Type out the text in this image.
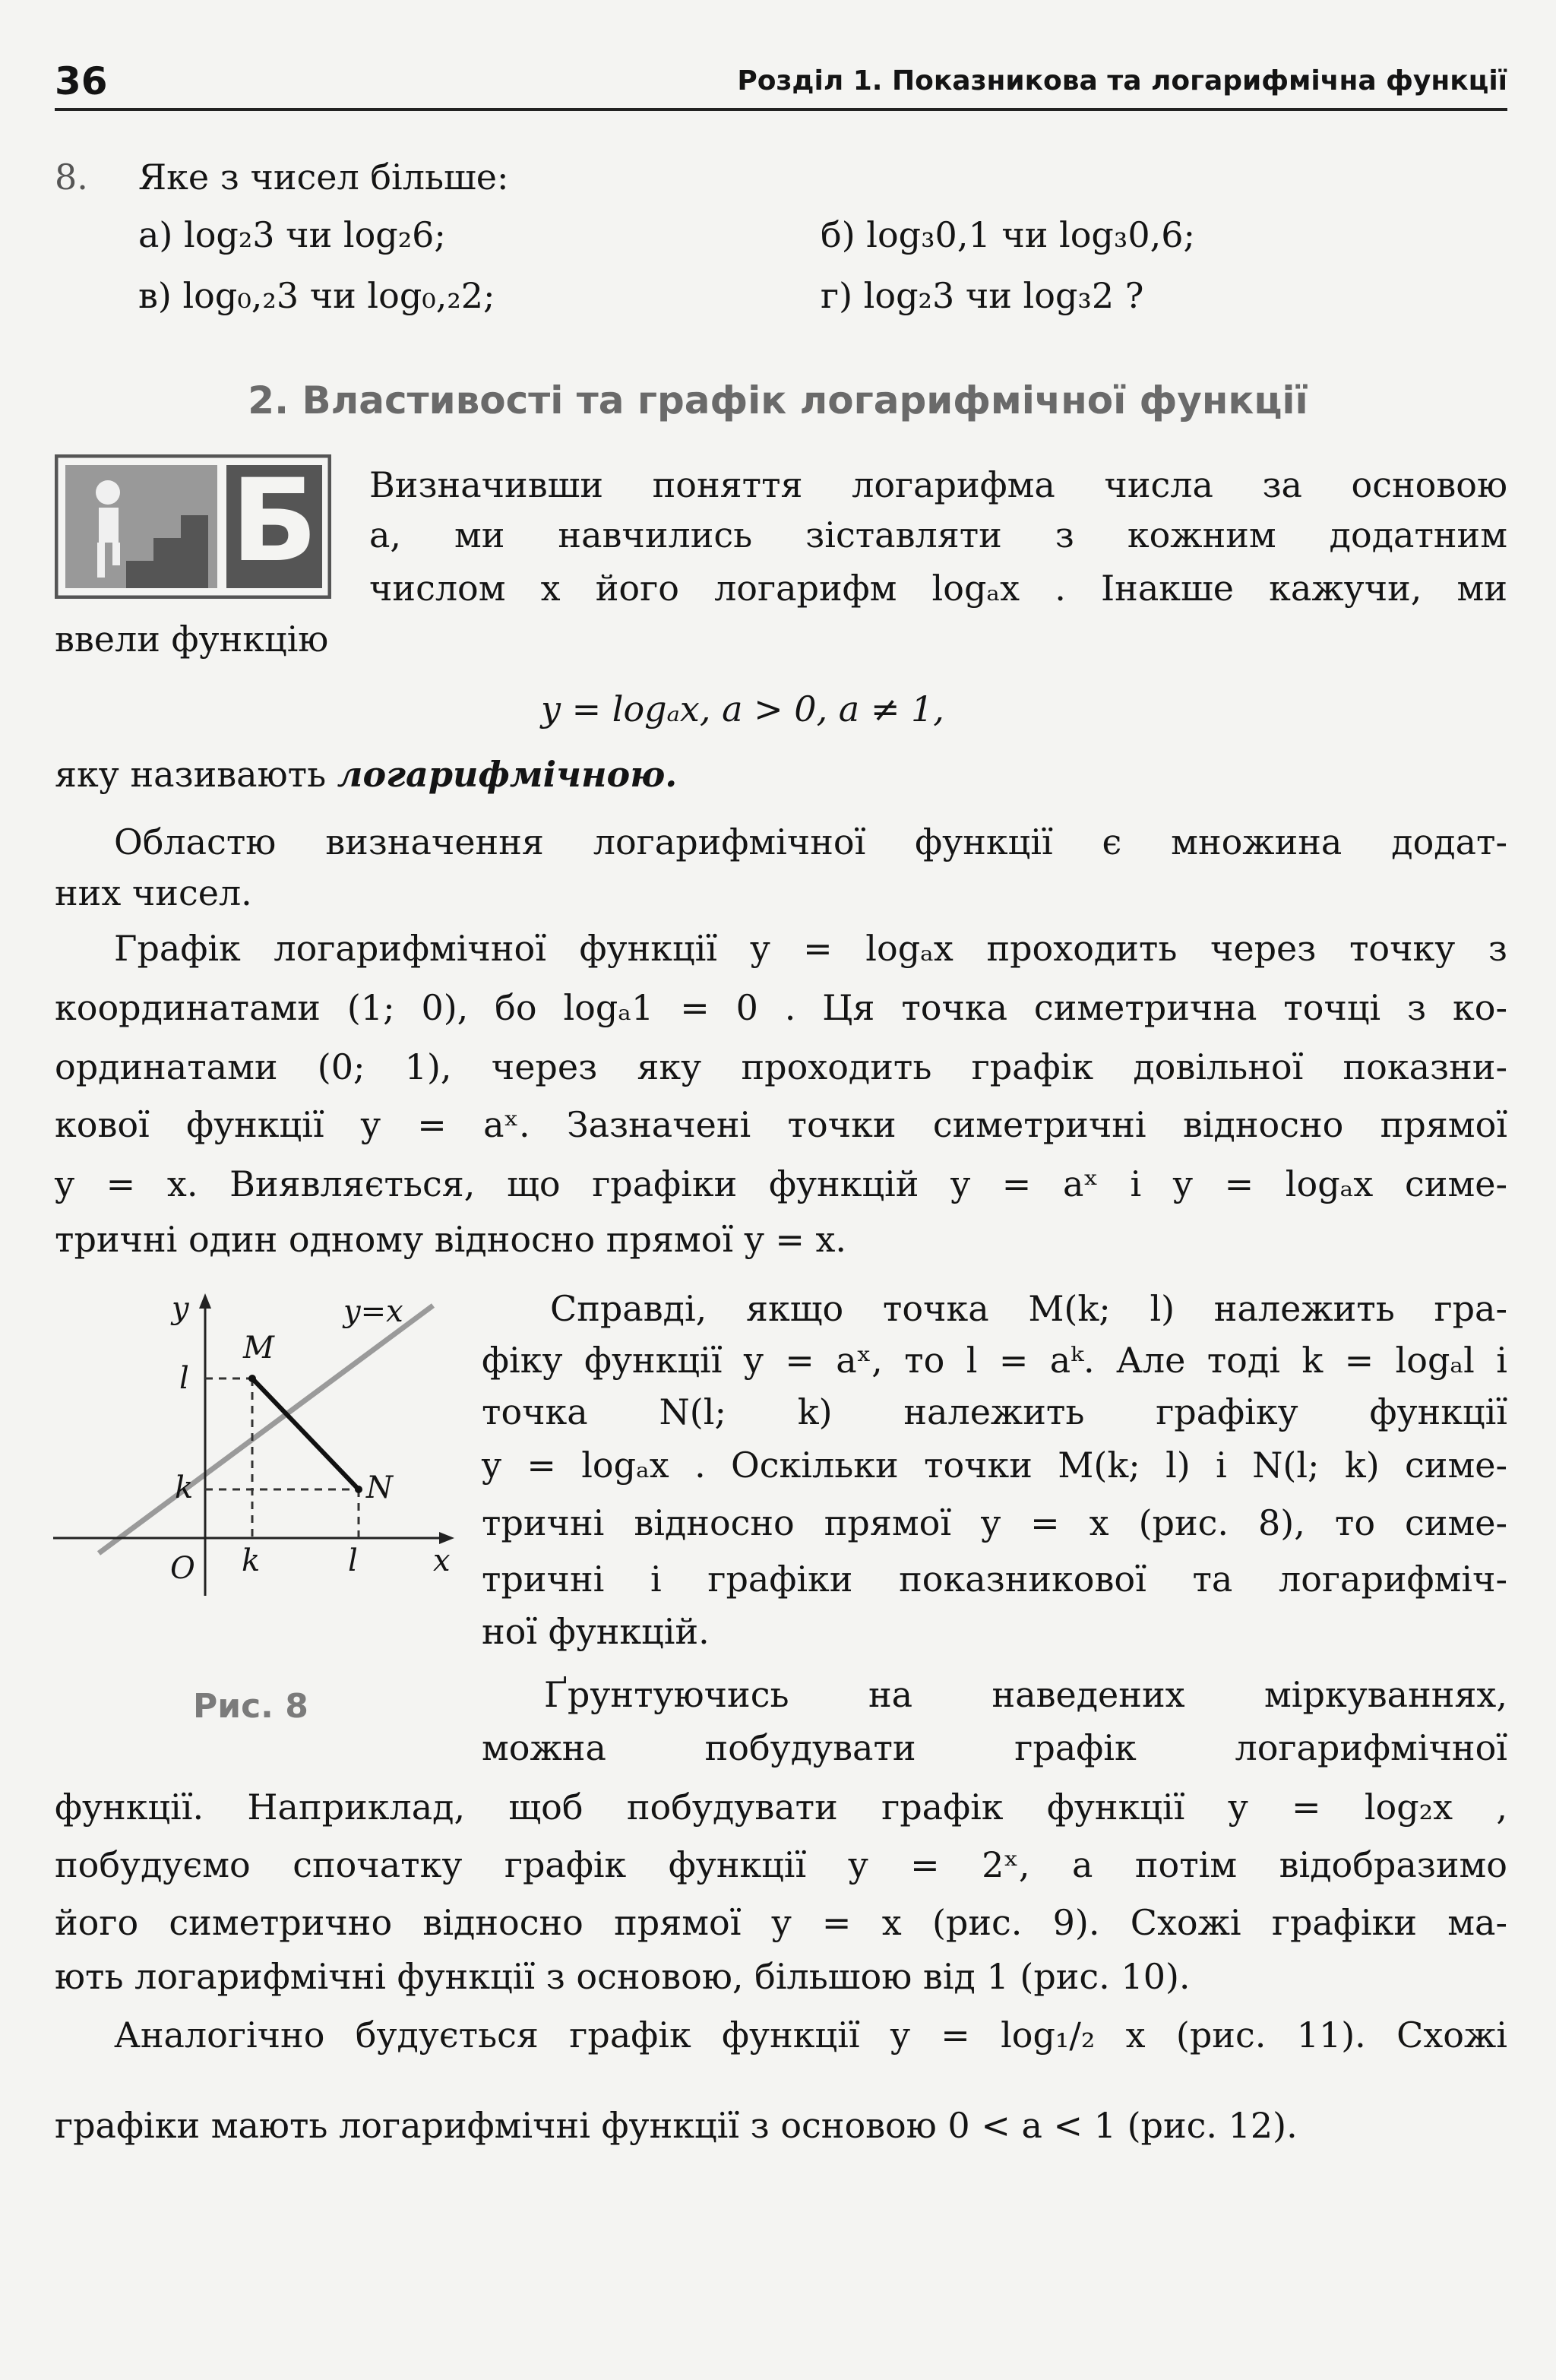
36	Розділ 1. Показникова та логарифмічна функції
8. Яке з чисел більше:
а) log₂3 чи log₂6;	б) log₃0,1 чи log₃0,6;
в) log₀,₂3 чи log₀,₂2;	г) log₂3 чи log₃2 ?
2. Властивості та графік логарифмічної функції
Б Визначивши поняття логарифма числа за основою
a, ми навчились зіставляти з кожним додатним
числом x його логарифм logₐx . Інакше кажучи, ми
ввели функцію
y = logₐx, a > 0, a ≠ 1,
яку називають логарифмічною.
Областю визначення логарифмічної функції є множина додат-
них чисел.
Графік логарифмічної функції y = logₐx проходить через точку з
координатами (1; 0), бо logₐ1 = 0 . Ця точка симетрична точці з ко-
ординатами (0; 1), через яку проходить графік довільної показни-
кової функції y = aˣ. Зазначені точки симетричні відносно прямої
y = x. Виявляється, що графіки функцій y = aˣ і y = logₐx симе-
тричні один одному відносно прямої y = x.
y	y=x
M
l
k	N
O k	l x
Рис. 8
Справді, якщо точка M(k; l) належить гра-
фіку функції y = aˣ, то l = aᵏ. Але тоді k = logₐl і
точка N(l; k) належить графіку функції
y = logₐx . Оскільки точки M(k; l) і N(l; k) симе-
тричні відносно прямої y = x (рис. 8), то симе-
тричні і графіки показникової та логарифміч-
ної функцій.
Ґрунтуючись на наведених міркуваннях,
можна побудувати графік логарифмічної
функції. Наприклад, щоб побудувати графік функції y = log₂x ,
побудуємо спочатку графік функції y = 2ˣ, а потім відобразимо
його симетрично відносно прямої y = x (рис. 9). Схожі графіки ма-
ють логарифмічні функції з основою, більшою від 1 (рис. 10).
Аналогічно будується графік функції y = log₁/₂ x (рис. 11). Схожі
графіки мають логарифмічні функції з основою 0 < a < 1 (рис. 12).
